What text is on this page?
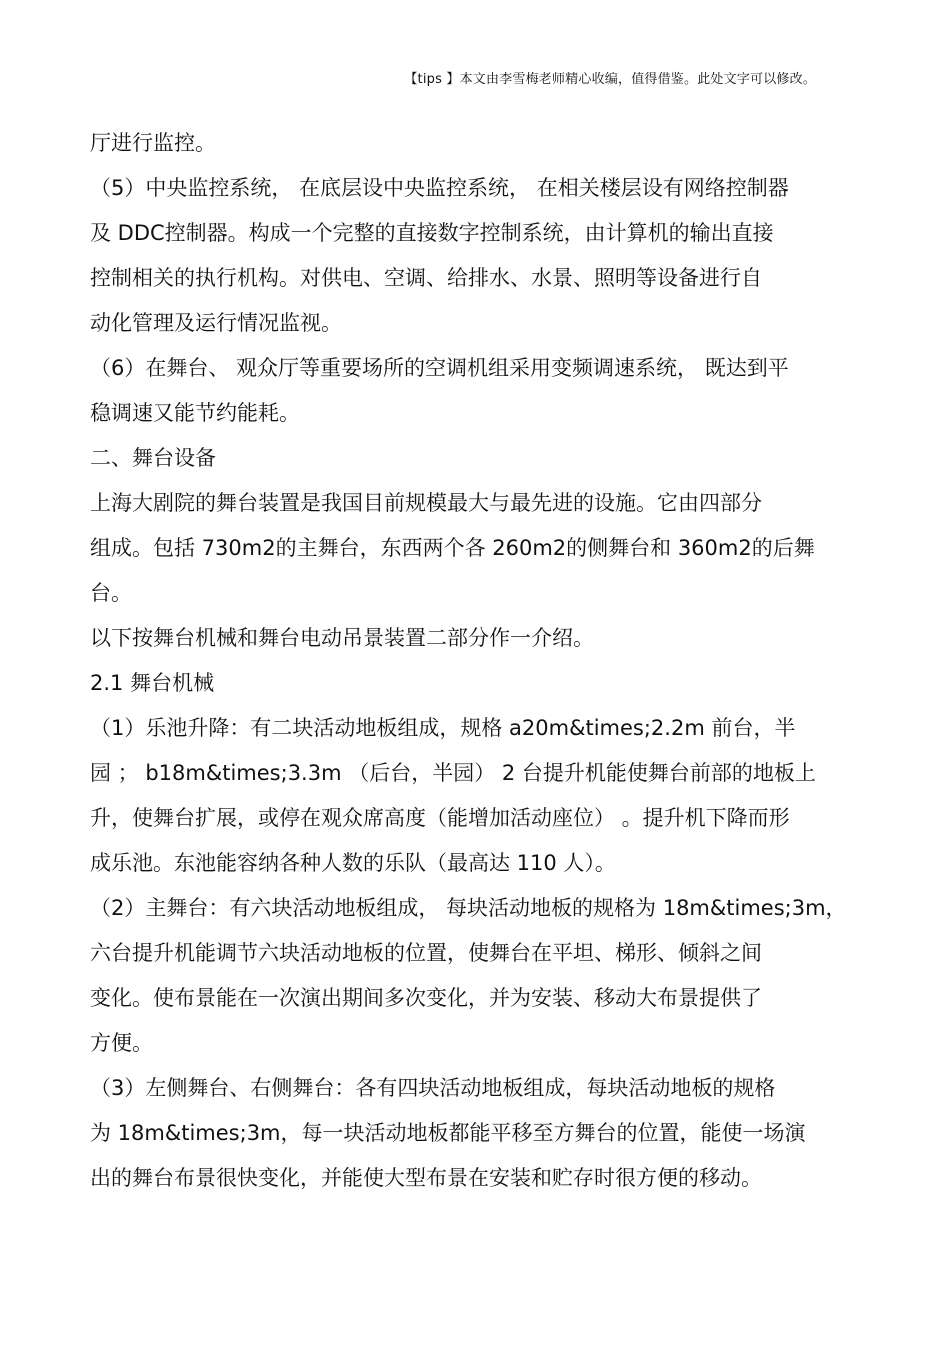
【tips 】本文由李雪梅老师精心收编，值得借鉴。此处文字可以修改。
厅进行监控。
（5）中央监控系统， 在底层设中央监控系统， 在相关楼层设有网络控制器
及 DDC控制器。构成一个完整的直接数字控制系统，由计算机的输出直接
控制相关的执行机构。对供电、空调、给排水、水景、照明等设备进行自
动化管理及运行情况监视。
（6）在舞台、 观众厅等重要场所的空调机组采用变频调速系统， 既达到平
稳调速又能节约能耗。
二、舞台设备
上海大剧院的舞台装置是我国目前规模最大与最先进的设施。它由四部分
组成。包括 730m2的主舞台，东西两个各 260m2的侧舞台和 360m2的后舞
台。
以下按舞台机械和舞台电动吊景装置二部分作一介绍。
2.1 舞台机械
（1）乐池升降：有二块活动地板组成，规格 a20m&times;2.2m 前台，半
园 ； b18m&times;3.3m （后台，半园） 2 台提升机能使舞台前部的地板上
升，使舞台扩展，或停在观众席高度（能增加活动座位） 。提升机下降而形
成乐池。东池能容纳各种人数的乐队（最高达 110 人）。
（2）主舞台：有六块活动地板组成， 每块活动地板的规格为 18m&times;3m，
六台提升机能调节六块活动地板的位置，使舞台在平坦、梯形、倾斜之间
变化。使布景能在一次演出期间多次变化，并为安装、移动大布景提供了
方便。
（3）左侧舞台、右侧舞台：各有四块活动地板组成，每块活动地板的规格
为 18m&times;3m，每一块活动地板都能平移至方舞台的位置，能使一场演
出的舞台布景很快变化，并能使大型布景在安装和贮存时很方便的移动。
